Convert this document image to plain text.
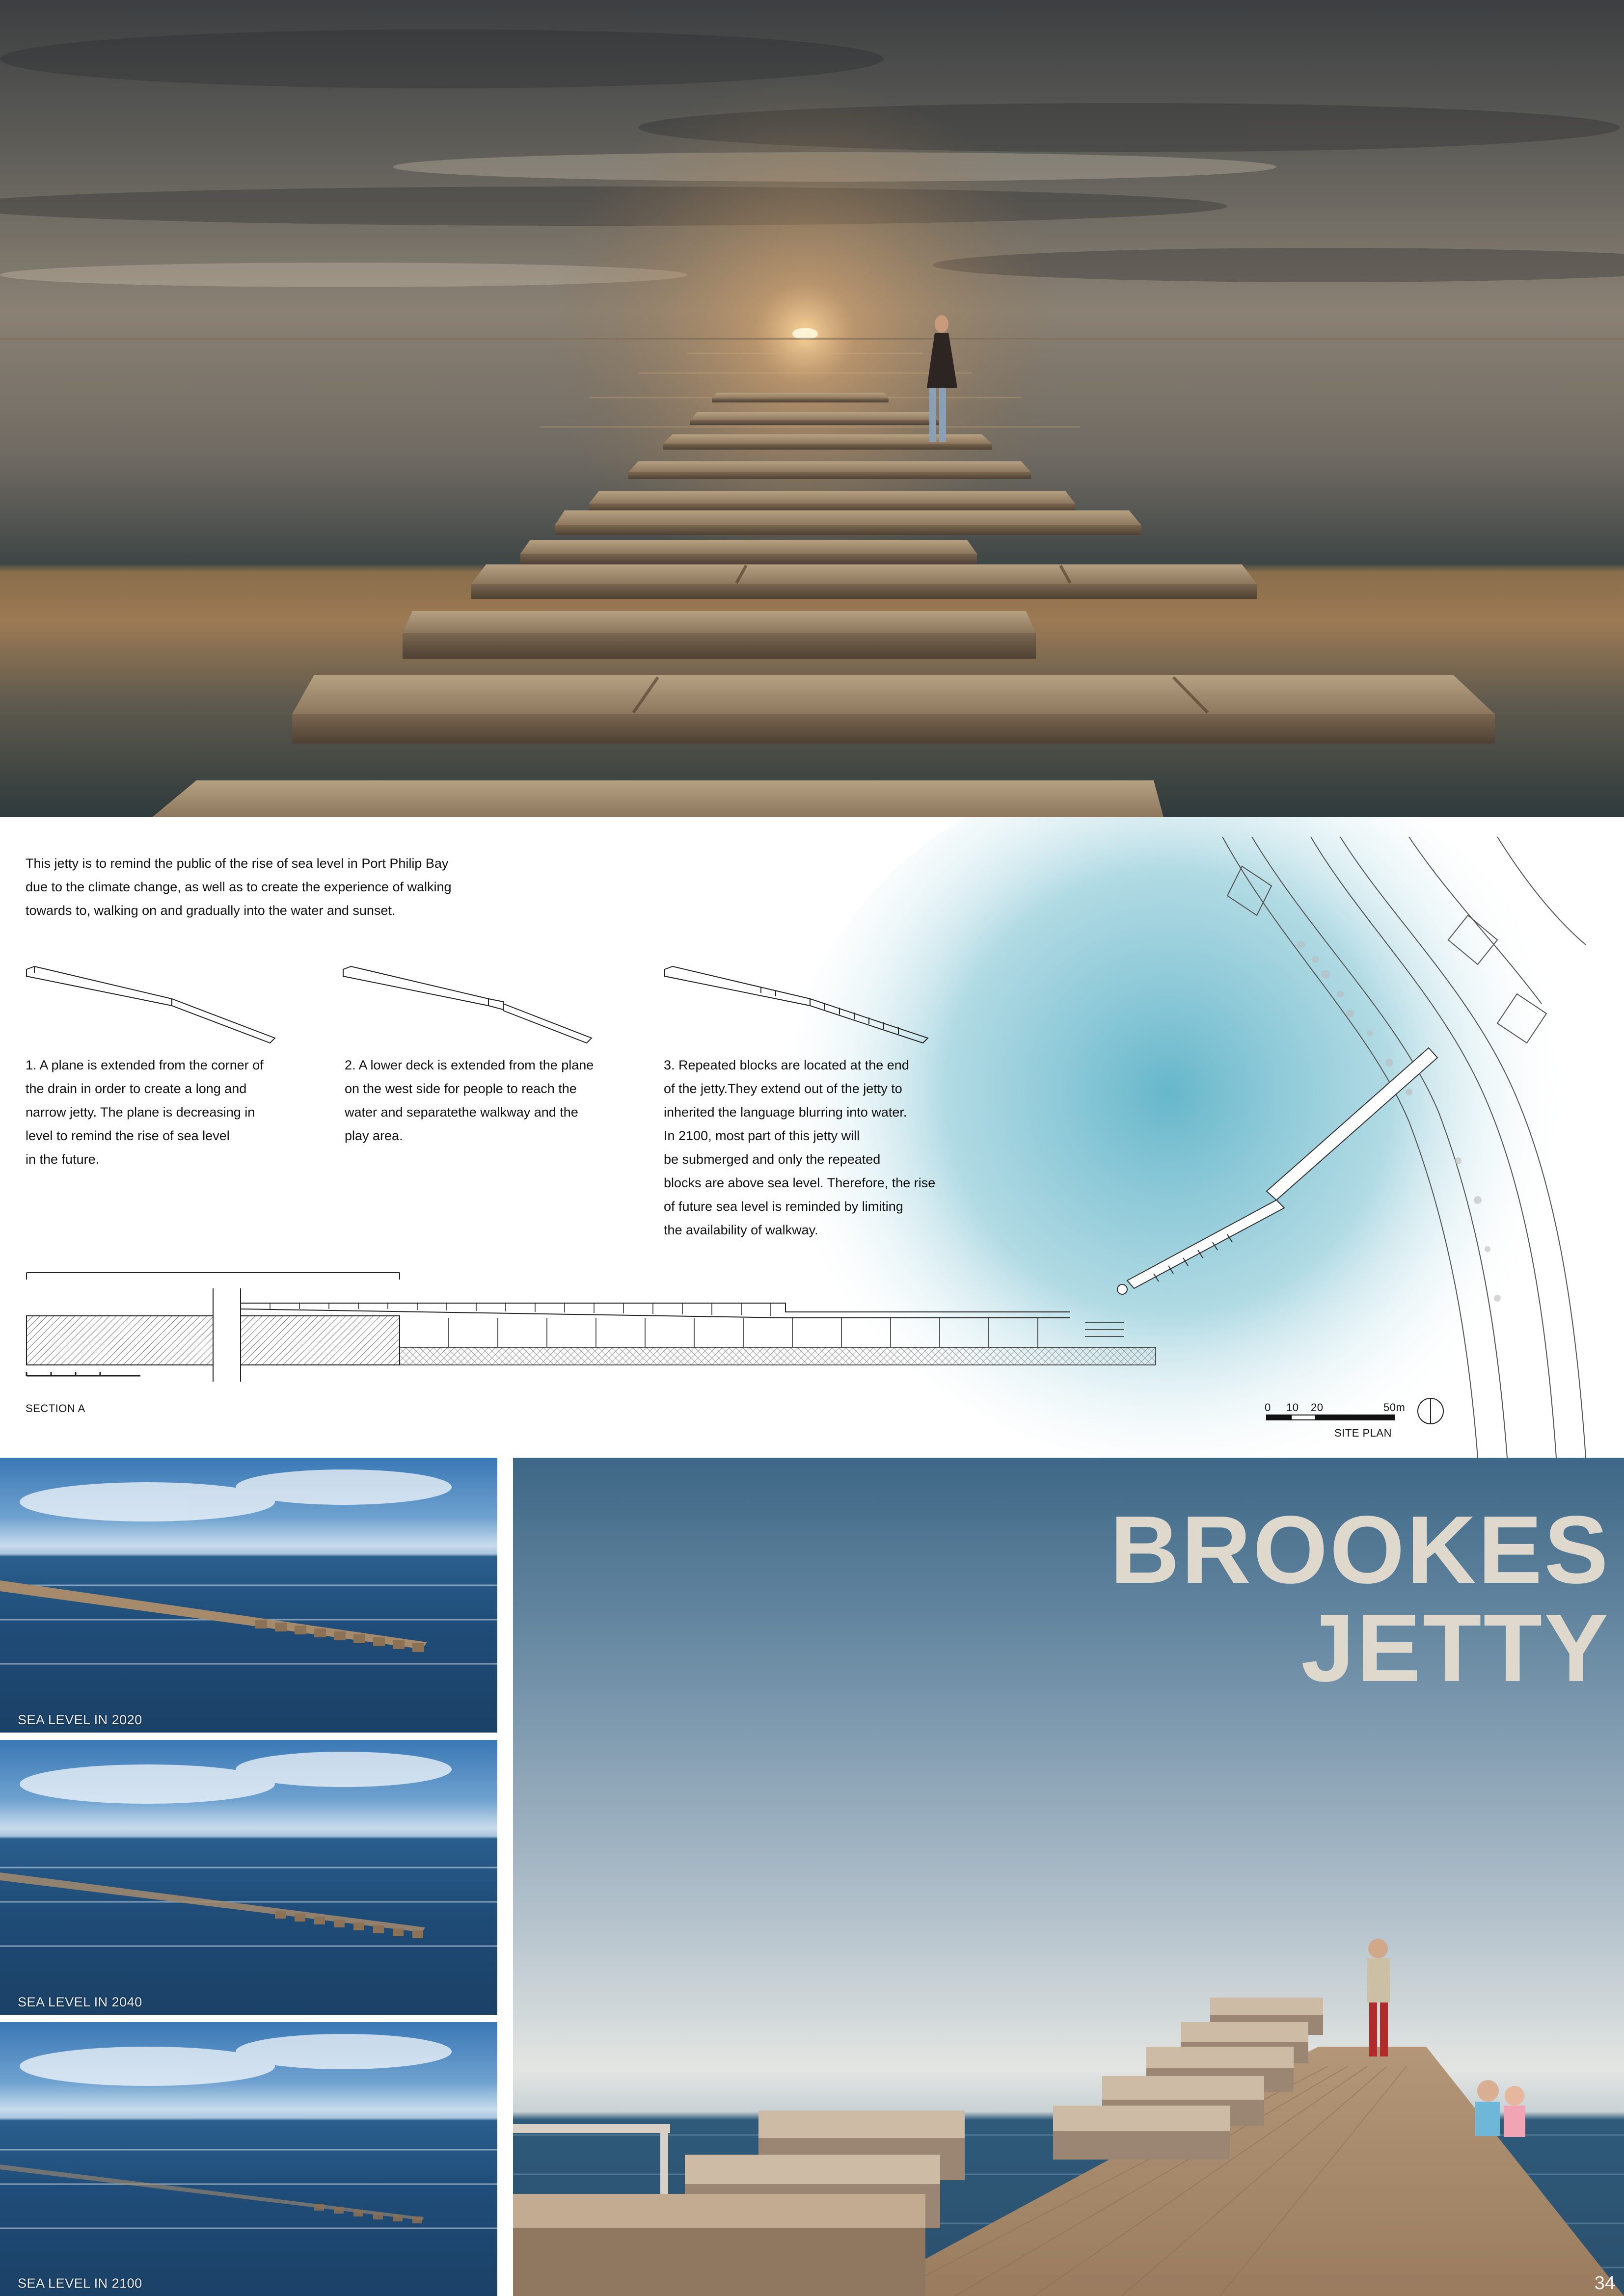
This jetty is to remind the public of the rise of sea level in Port Philip Bay
due to the climate change, as well as to create the experience of walking
towards to, walking on and gradually into the water and sunset.
1. A plane is extended from the corner of
the drain in order to create a long and
narrow jetty. The plane is decreasing in
level to remind the rise of sea level
in the future.
2. A lower deck is extended from the plane
on the west side for people to reach the
water and separatethe walkway and the
play area.
3. Repeated blocks are located at the end
of the jetty.They extend out of the jetty to
inherited the language blurring into water.
In 2100, most part of this jetty will
be submerged and only the repeated
blocks are above sea level. Therefore, the rise
of future sea level is reminded by limiting
the availability of walkway.
SECTION A	0 10 20	50m
SITE PLAN
SEA LEVEL IN 2020
SEA LEVEL IN 2040
SEA LEVEL IN 2100
BROOKES
JETTY
34
